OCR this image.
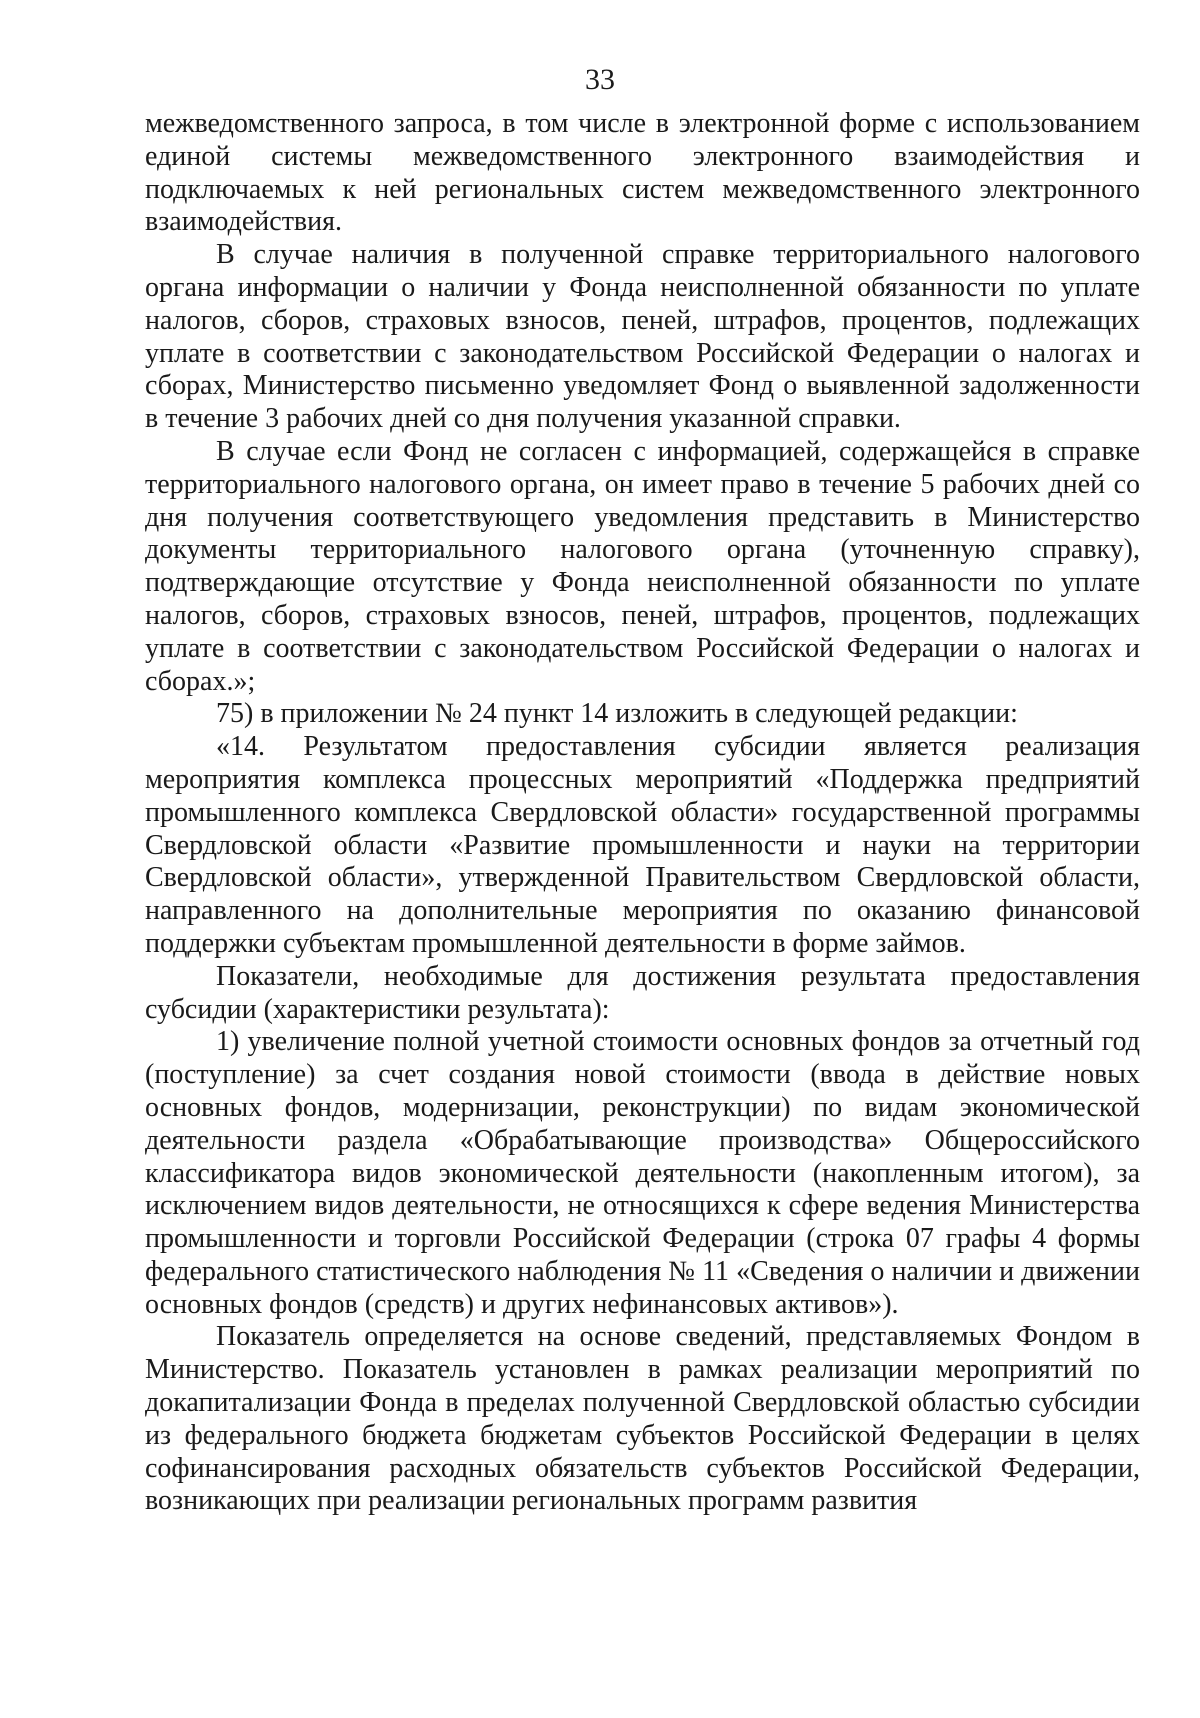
33

межведомственного запроса, в том числе в электронной форме с использованием единой системы межведомственного электронного взаимодействия и подключаемых к ней региональных систем межведомственного электронного взаимодействия.

В случае наличия в полученной справке территориального налогового органа информации о наличии у Фонда неисполненной обязанности по уплате налогов, сборов, страховых взносов, пеней, штрафов, процентов, подлежащих уплате в соответствии с законодательством Российской Федерации о налогах и сборах, Министерство письменно уведомляет Фонд о выявленной задолженности в течение 3 рабочих дней со дня получения указанной справки.

В случае если Фонд не согласен с информацией, содержащейся в справке территориального налогового органа, он имеет право в течение 5 рабочих дней со дня получения соответствующего уведомления представить в Министерство документы территориального налогового органа (уточненную справку), подтверждающие отсутствие у Фонда неисполненной обязанности по уплате налогов, сборов, страховых взносов, пеней, штрафов, процентов, подлежащих уплате в соответствии с законодательством Российской Федерации о налогах и сборах.»;

75) в приложении № 24 пункт 14 изложить в следующей редакции:

«14. Результатом предоставления субсидии является реализация мероприятия комплекса процессных мероприятий «Поддержка предприятий промышленного комплекса Свердловской области» государственной программы Свердловской области «Развитие промышленности и науки на территории Свердловской области», утвержденной Правительством Свердловской области, направленного на дополнительные мероприятия по оказанию финансовой поддержки субъектам промышленной деятельности в форме займов.

Показатели, необходимые для достижения результата предоставления субсидии (характеристики результата):

1) увеличение полной учетной стоимости основных фондов за отчетный год (поступление) за счет создания новой стоимости (ввода в действие новых основных фондов, модернизации, реконструкции) по видам экономической деятельности раздела «Обрабатывающие производства» Общероссийского классификатора видов экономической деятельности (накопленным итогом), за исключением видов деятельности, не относящихся к сфере ведения Министерства промышленности и торговли Российской Федерации (строка 07 графы 4 формы федерального статистического наблюдения № 11 «Сведения о наличии и движении основных фондов (средств) и других нефинансовых активов»).

Показатель определяется на основе сведений, представляемых Фондом в Министерство. Показатель установлен в рамках реализации мероприятий по докапитализации Фонда в пределах полученной Свердловской областью субсидии из федерального бюджета бюджетам субъектов Российской Федерации в целях софинансирования расходных обязательств субъектов Российской Федерации, возникающих при реализации региональных программ развития
